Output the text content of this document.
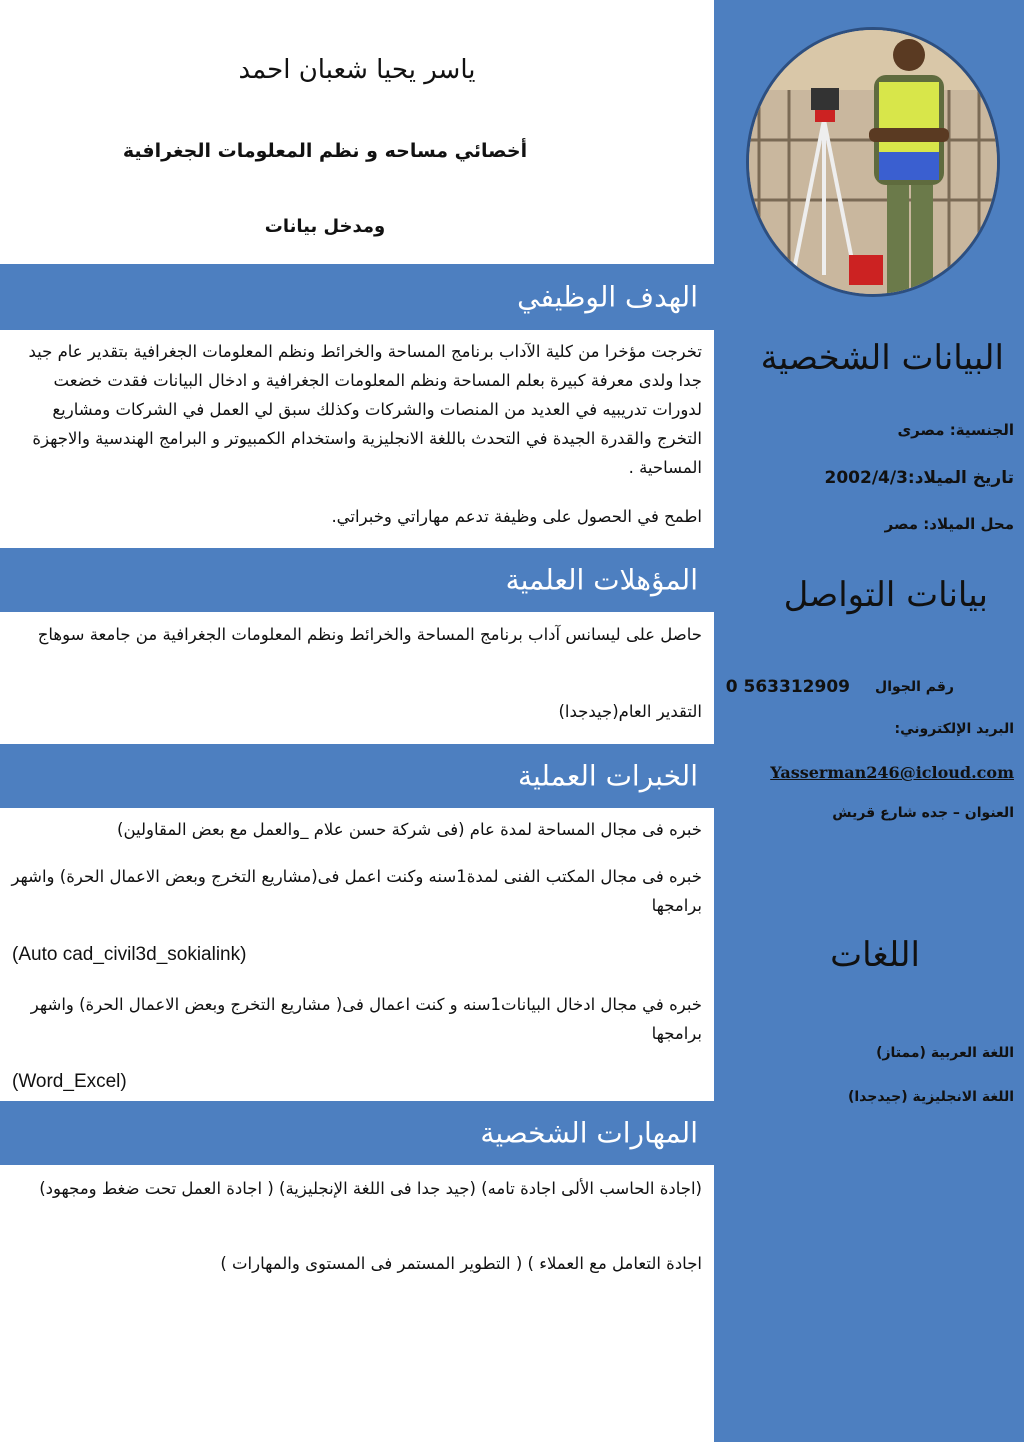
البيانات الشخصية
الجنسية: مصرى
تاريخ الميلاد:2002/4/3
محل الميلاد: مصر
بيانات التواصل
رقم الجوال
0 563312909
البريد الإلكتروني:
Yasserman246@icloud.com
العنوان – جده شارع قريش
اللغات
اللغة العربية (ممتاز)
اللغة الانجليزية (جيدجدا)
ياسر يحيا شعبان احمد
أخصائي مساحه و نظم المعلومات الجغرافية
ومدخل بيانات
الهدف الوظيفي
تخرجت مؤخرا من كلية الآداب برنامج المساحة والخرائط ونظم المعلومات الجغرافية بتقدير عام جيد جدا ولدى معرفة كبيرة بعلم المساحة ونظم المعلومات الجغرافية و ادخال البيانات فقدت خضعت لدورات تدريبيه في العديد من المنصات والشركات وكذلك سبق لي العمل في الشركات ومشاريع التخرج والقدرة الجيدة في التحدث باللغة الانجليزية واستخدام الكمبيوتر و البرامج الهندسية والاجهزة المساحية .
اطمح في الحصول على وظيفة تدعم مهاراتي وخبراتي.
المؤهلات العلمية
حاصل على ليسانس آداب برنامج المساحة والخرائط ونظم المعلومات الجغرافية من جامعة سوهاج
التقدير العام(جيدجدا)
الخبرات العملية
خبره فى مجال المساحة لمدة عام (فى شركة حسن علام _والعمل مع بعض المقاولين)
خبره فى مجال المكتب الفنى لمدة1سنه وكنت اعمل فى(مشاريع التخرج وبعض الاعمال الحرة) واشهر برامجها
(Auto cad_civil3d_sokialink)
خبره في مجال ادخال البيانات1سنه و كنت اعمال فى( مشاريع التخرج وبعض الاعمال الحرة) واشهر برامجها
(Word_Excel)
المهارات الشخصية
(اجادة الحاسب الألى اجادة تامه) (جيد جدا فى اللغة الإنجليزية) ( اجادة العمل تحت ضغط ومجهود)
اجادة التعامل مع العملاء ) ( التطوير المستمر فى المستوى والمهارات )
